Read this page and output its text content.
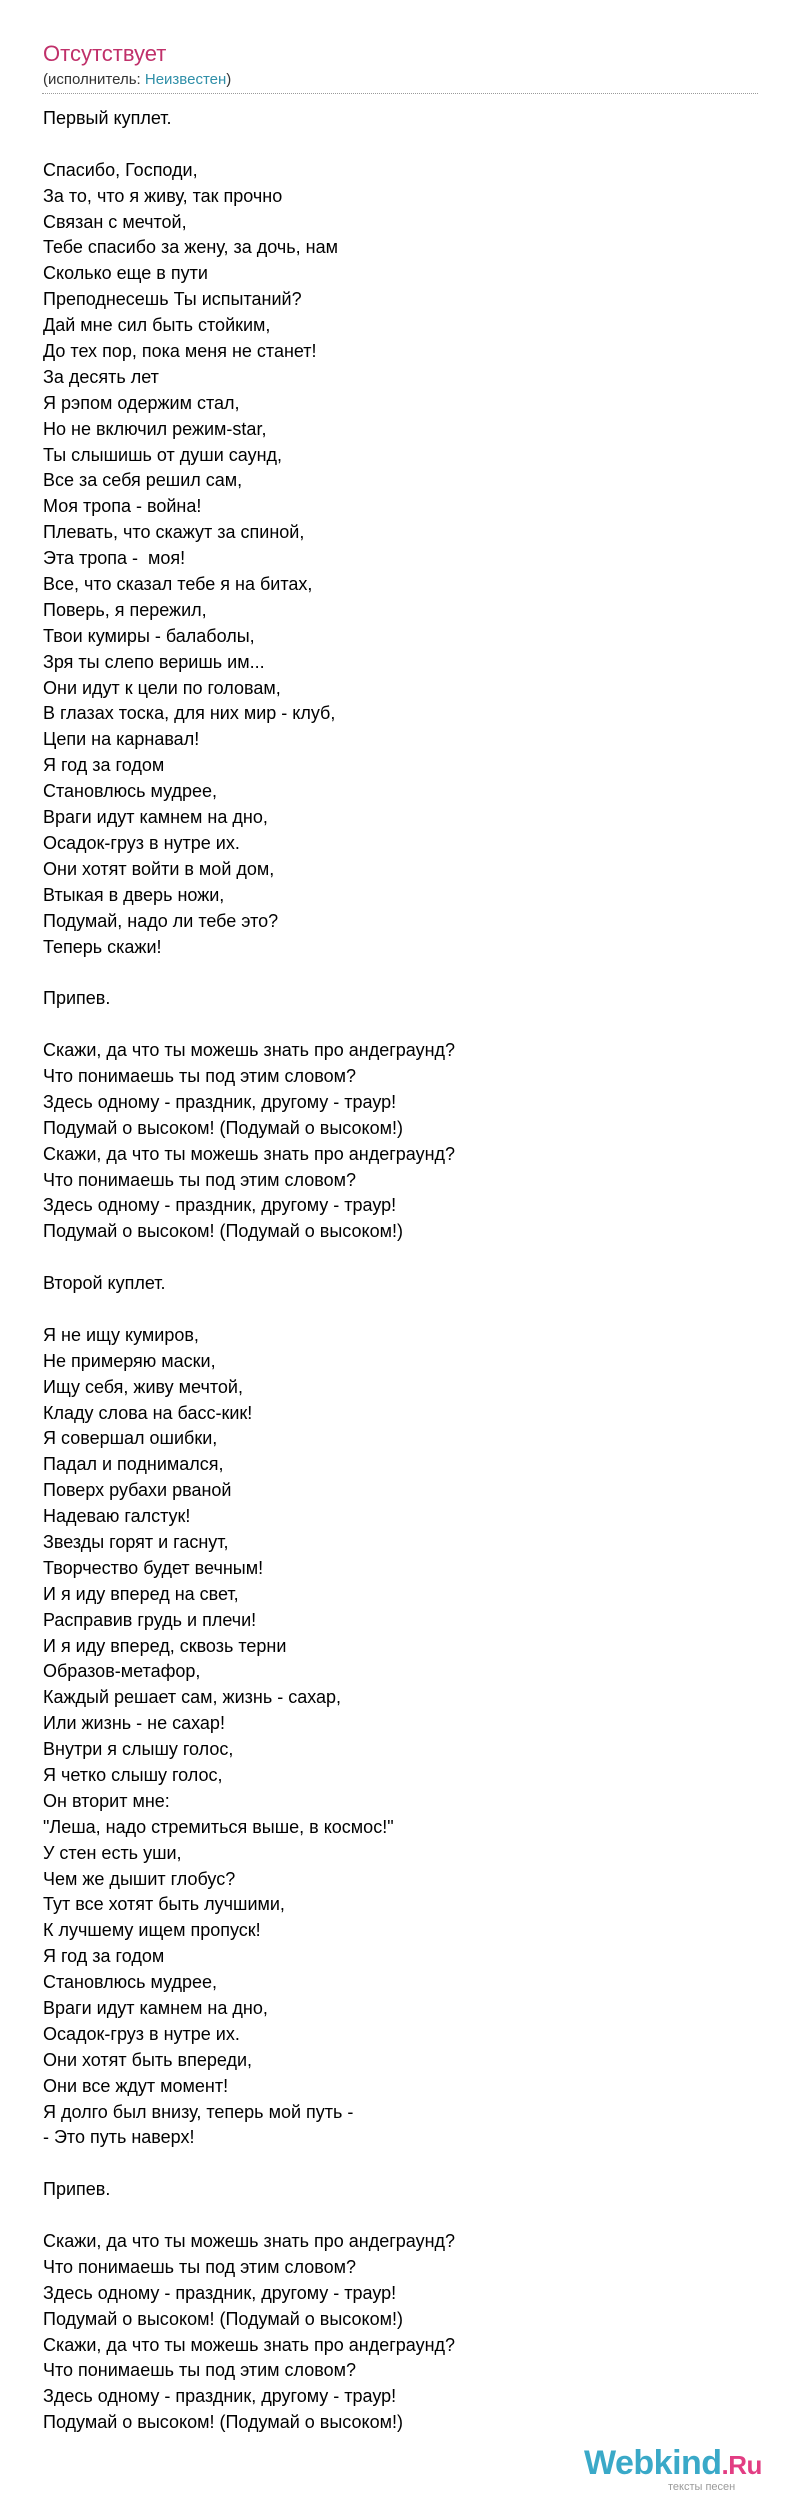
Отсутствует
(исполнитель: Неизвестен)
Первый куплет.
Спасибо, Господи,
За то, что я живу, так прочно
Связан с мечтой,
Тебе спасибо за жену, за дочь, нам
Сколько еще в пути
Преподнесешь Ты испытаний?
Дай мне сил быть стойким,
До тех пор, пока меня не станет!
За десять лет
Я рэпом одержим стал,
Но не включил режим-star,
Ты слышишь от души саунд,
Все за себя решил сам,
Моя тропа - война!
Плевать, что скажут за спиной,
Эта тропа -  моя!
Все, что сказал тебе я на битах,
Поверь, я пережил,
Твои кумиры - балаболы,
Зря ты слепо веришь им...
Они идут к цели по головам,
В глазах тоска, для них мир - клуб,
Цепи на карнавал!
Я год за годом
Становлюсь мудрее,
Враги идут камнем на дно,
Осадок-груз в нутре их.
Они хотят войти в мой дом,
Втыкая в дверь ножи,
Подумай, надо ли тебе это?
Теперь скажи!
Припев.
Скажи, да что ты можешь знать про андеграунд?
Что понимаешь ты под этим словом?
Здесь одному - праздник, другому - траур!
Подумай о высоком! (Подумай о высоком!)
Скажи, да что ты можешь знать про андеграунд?
Что понимаешь ты под этим словом?
Здесь одному - праздник, другому - траур!
Подумай о высоком! (Подумай о высоком!)
Второй куплет.
Я не ищу кумиров,
Не примеряю маски,
Ищу себя, живу мечтой,
Кладу слова на басс-кик!
Я совершал ошибки,
Падал и поднимался,
Поверх рубахи рваной
Надеваю галстук!
Звезды горят и гаснут,
Творчество будет вечным!
И я иду вперед на свет,
Расправив грудь и плечи!
И я иду вперед, сквозь терни
Образов-метафор,
Каждый решает сам, жизнь - сахар,
Или жизнь - не сахар!
Внутри я слышу голос,
Я четко слышу голос,
Он вторит мне:
"Леша, надо стремиться выше, в космос!"
У стен есть уши,
Чем же дышит глобус?
Тут все хотят быть лучшими,
К лучшему ищем пропуск!
Я год за годом
Становлюсь мудрее,
Враги идут камнем на дно,
Осадок-груз в нутре их.
Они хотят быть впереди,
Они все ждут момент!
Я долго был внизу, теперь мой путь -
- Это путь наверх!
Припев.
Скажи, да что ты можешь знать про андеграунд?
Что понимаешь ты под этим словом?
Здесь одному - праздник, другому - траур!
Подумай о высоком! (Подумай о высоком!)
Скажи, да что ты можешь знать про андеграунд?
Что понимаешь ты под этим словом?
Здесь одному - праздник, другому - траур!
Подумай о высоком! (Подумай о высоком!)
Webkind.Ru
тексты песен
